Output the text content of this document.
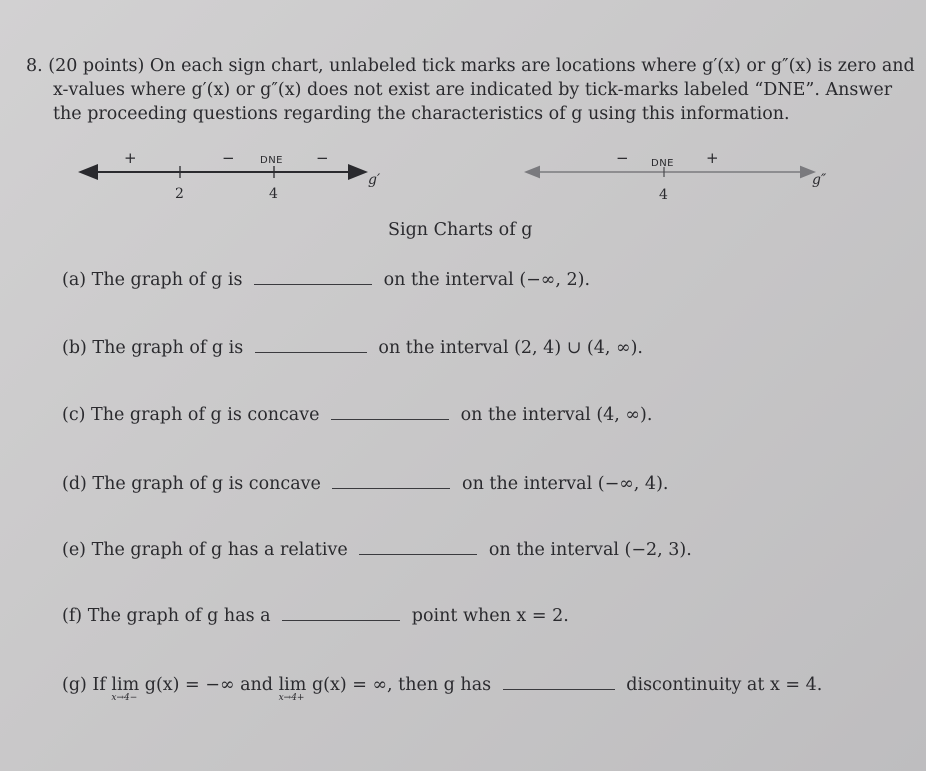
8. (20 points) On each sign chart, unlabeled tick marks are locations where g′(x) or g″(x) is zero and
x-values where g′(x) or g″(x) does not exist are indicated by tick-marks labeled “DNE”. Answer
the proceeding questions regarding the characteristics of g using this information.
+	−	−
DNE
2	4
g′
−	+
DNE
4
g″
Sign Charts of g
(a) The graph of g is	on the interval (−∞, 2).
(b) The graph of g is	on the interval (2, 4) ∪ (4, ∞).
(c) The graph of g is concave	on the interval (4, ∞).
(d) The graph of g is concave	on the interval (−∞, 4).
(e) The graph of g has a relative	on the interval (−2, 3).
(f) The graph of g has a	point when x = 2.
(g) If lim
x→4−
g(x) = −∞ and lim
x→4+
g(x) = ∞, then g has	discontinuity at x = 4.
